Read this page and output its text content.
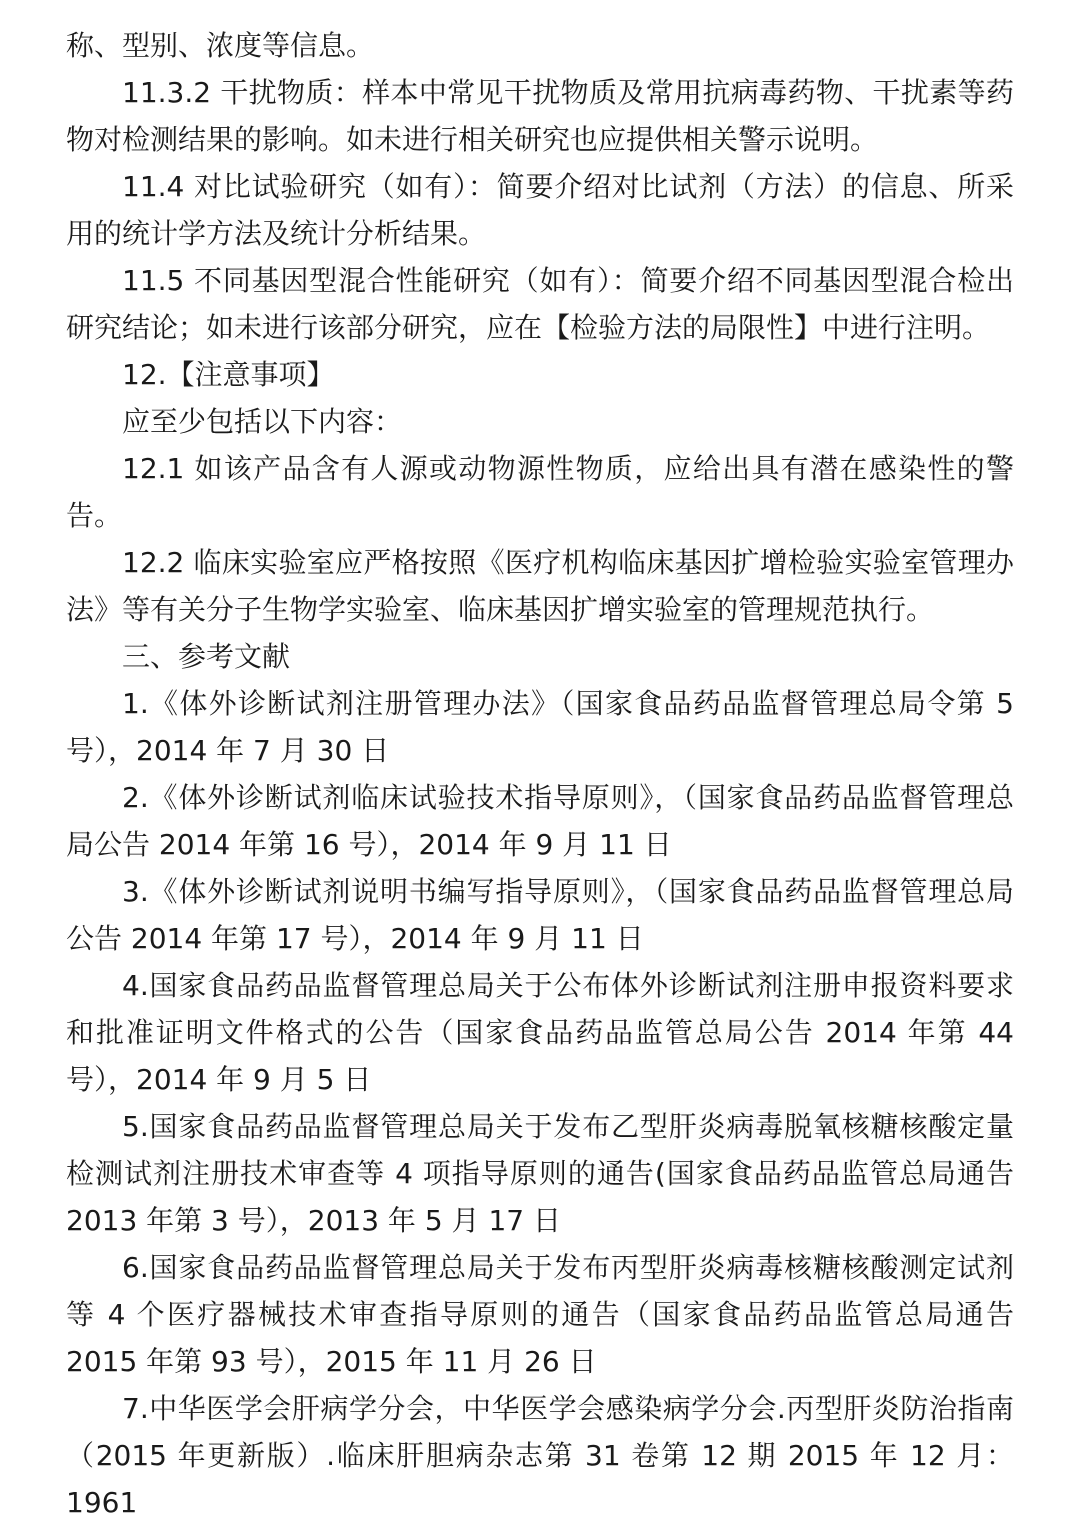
称、型别、浓度等信息。

11.3.2 干扰物质：样本中常见干扰物质及常用抗病毒药物、干扰素等药物对检测结果的影响。如未进行相关研究也应提供相关警示说明。

11.4 对比试验研究（如有）：简要介绍对比试剂（方法）的信息、所采用的统计学方法及统计分析结果。

11.5 不同基因型混合性能研究（如有）：简要介绍不同基因型混合检出研究结论；如未进行该部分研究，应在【检验方法的局限性】中进行注明。

12.【注意事项】

应至少包括以下内容：

12.1 如该产品含有人源或动物源性物质，应给出具有潜在感染性的警告。

12.2 临床实验室应严格按照《医疗机构临床基因扩增检验实验室管理办法》等有关分子生物学实验室、临床基因扩增实验室的管理规范执行。

三、参考文献

1.《体外诊断试剂注册管理办法》（国家食品药品监督管理总局令第 5 号），2014 年 7 月 30 日

2.《体外诊断试剂临床试验技术指导原则》，（国家食品药品监督管理总局公告 2014 年第 16 号），2014 年 9 月 11 日

3.《体外诊断试剂说明书编写指导原则》，（国家食品药品监督管理总局公告 2014 年第 17 号），2014 年 9 月 11 日

4.国家食品药品监督管理总局关于公布体外诊断试剂注册申报资料要求和批准证明文件格式的公告（国家食品药品监管总局公告 2014 年第 44 号），2014 年 9 月 5 日

5.国家食品药品监督管理总局关于发布乙型肝炎病毒脱氧核糖核酸定量检测试剂注册技术审查等 4 项指导原则的通告(国家食品药品监管总局通告 2013 年第 3 号），2013 年 5 月 17 日

6.国家食品药品监督管理总局关于发布丙型肝炎病毒核糖核酸测定试剂等 4 个医疗器械技术审查指导原则的通告（国家食品药品监管总局通告 2015 年第 93 号），2015 年 11 月 26 日

7.中华医学会肝病学分会，中华医学会感染病学分会.丙型肝炎防治指南（2015 年更新版）.临床肝胆病杂志第 31 卷第 12 期 2015 年 12 月：1961
